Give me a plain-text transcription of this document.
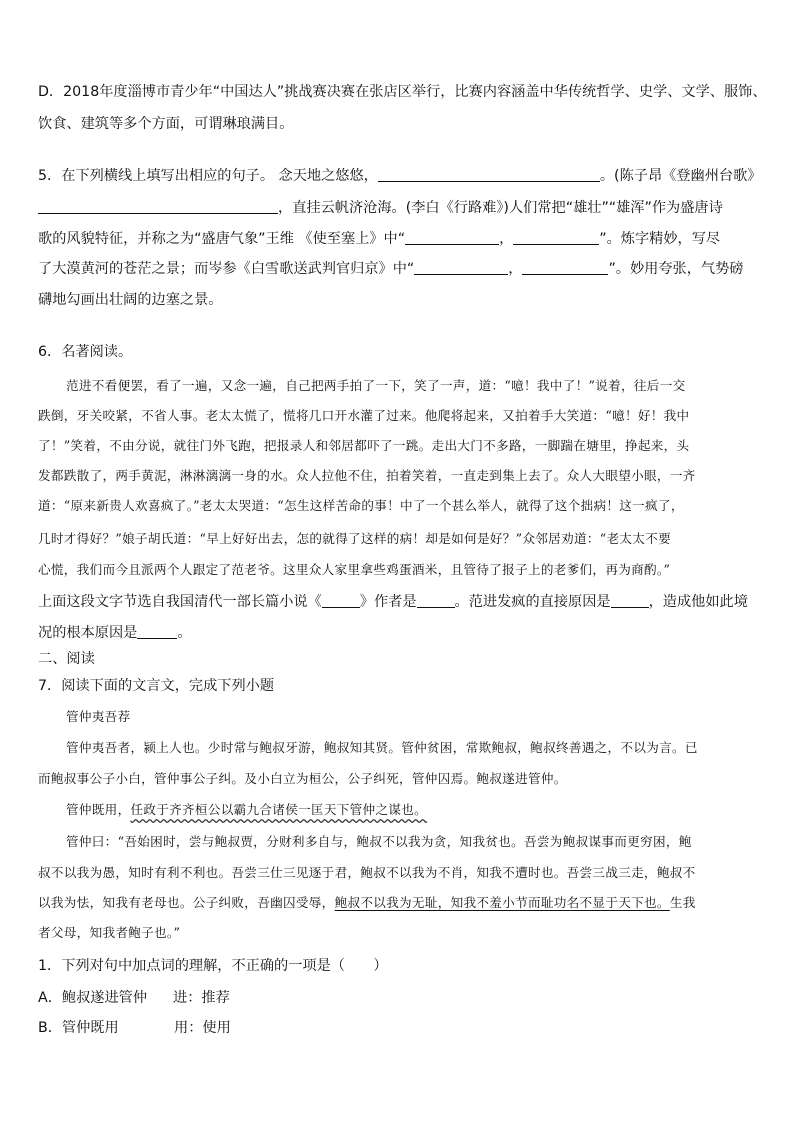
D．2018年度淄博市青少年“中国达人”挑战赛决赛在张店区举行，比赛内容涵盖中华传统哲学、史学、文学、服饰、
饮食、建筑等多个方面，可谓琳琅满目。
5．在下列横线上填写出相应的句子。 念天地之悠悠，	。(陈子昂《登幽州台歌》
，直挂云帆济沧海。(李白《行路难》)人们常把“雄壮”“雄浑”作为盛唐诗
歌的风貌特征，并称之为“盛唐气象”王维 《使至塞上》中“	，	”。炼字精妙，写尽
了大漠黄河的苍茫之景；而岑参《白雪歌送武判官归京》中“	，	”。妙用夸张，气势磅
礴地勾画出壮阔的边塞之景。
6．名著阅读。
范进不看便罢，看了一遍，又念一遍，自己把两手拍了一下，笑了一声，道：“噫！我中了！”说着，往后一交
跌倒，牙关咬紧，不省人事。老太太慌了，慌将几口开水灌了过来。他爬将起来，又拍着手大笑道：“噫！好！我中
了！”笑着，不由分说，就往门外飞跑，把报录人和邻居都吓了一跳。走出大门不多路，一脚踹在塘里，挣起来，头
发都跌散了，两手黄泥，淋淋漓漓一身的水。众人拉他不住，拍着笑着，一直走到集上去了。众人大眼望小眼，一齐
道：“原来新贵人欢喜疯了。”老太太哭道：“怎生这样苦命的事！中了一个甚么举人，就得了这个拙病！这一疯了，
几时才得好？”娘子胡氏道：“早上好好出去，怎的就得了这样的病！却是如何是好？”众邻居劝道：“老太太不要
心慌，我们而今且派两个人跟定了范老爷。这里众人家里拿些鸡蛋酒米，且管待了报子上的老爹们，再为商酌。”
上面这段文字节选自我国清代一部长篇小说《	》作者是	。范进发疯的直接原因是	，造成他如此境
况的根本原因是	。
二、阅读
7．阅读下面的文言文，完成下列小题
管仲夷吾荐
管仲夷吾者，颍上人也。少时常与鲍叔牙游，鲍叔知其贤。管仲贫困，常欺鲍叔，鲍叔终善遇之，不以为言。已
而鲍叔事公子小白，管仲事公子纠。及小白立为桓公，公子纠死，管仲囚焉。鲍叔遂进管仲。
管仲既用，任政于齐齐桓公以霸九合诸侯一匡天下管仲之谋也。
管仲曰：“吾始困时，尝与鲍叔贾，分财利多自与，鲍叔不以我为贪，知我贫也。吾尝为鲍叔谋事而更穷困，鲍
叔不以我为愚，知时有利不利也。吾尝三仕三见逐于君，鲍叔不以我为不肖，知我不遭时也。吾尝三战三走，鲍叔不
以我为怯，知我有老母也。公子纠败，吾幽囚受辱，鲍叔不以我为无耻，知我不羞小节而耻功名不显于天下也。生我
者父母，知我者鲍子也。”
1．下列对句中加点词的理解，不正确的一项是（　　）
A．鲍叔遂进管仲 进：推荐
B．管仲既用	用：使用
